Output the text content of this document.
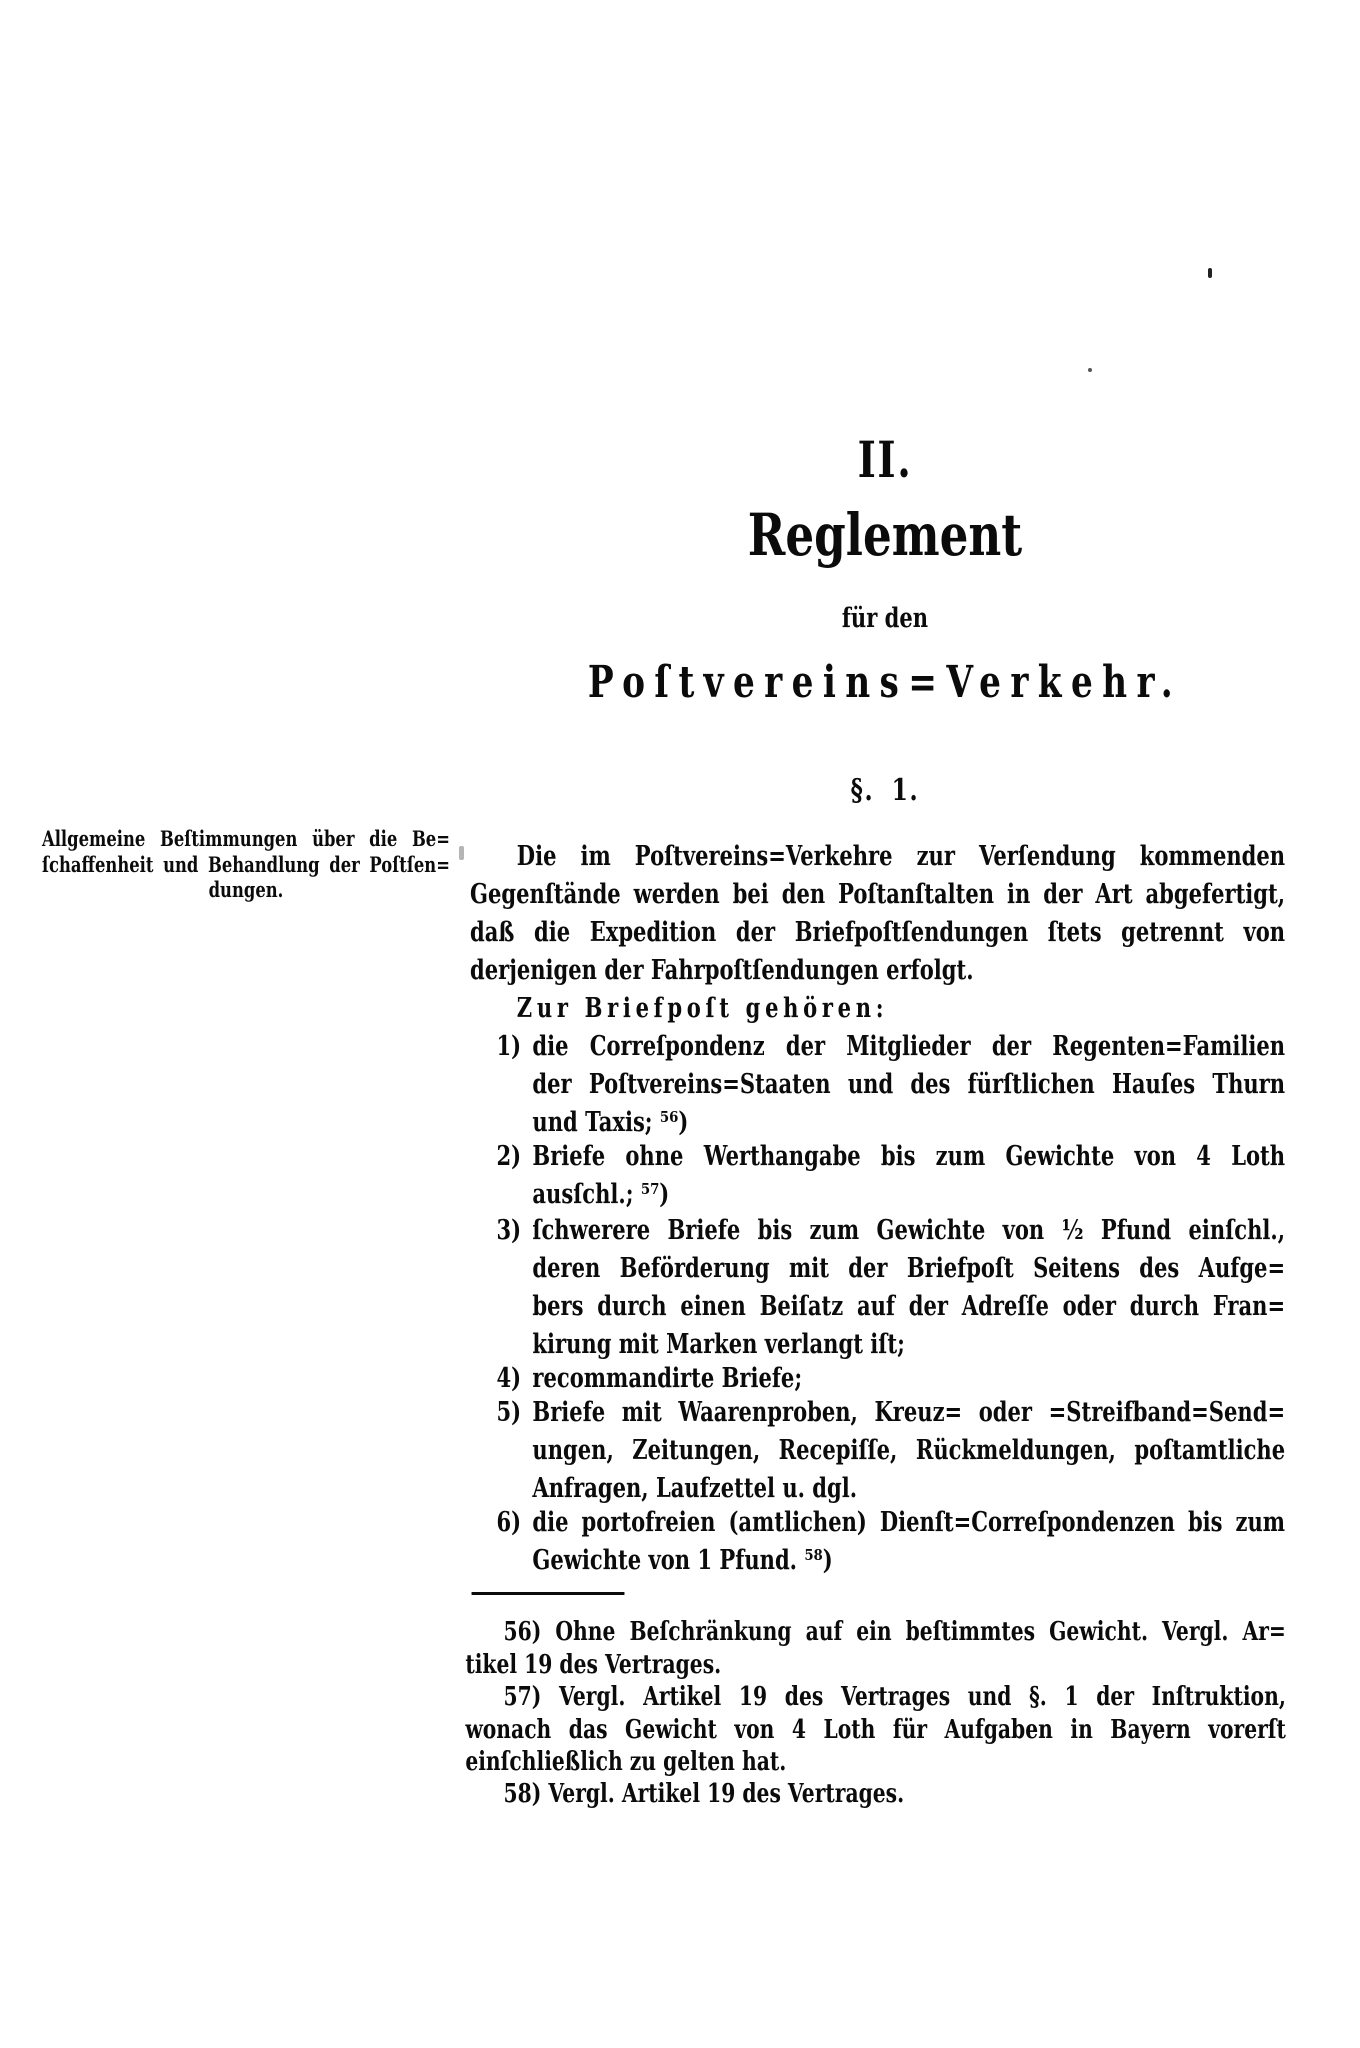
II.
Reglement
für den
Poſtvereins=Verkehr.
§. 1.
Allgemeine Beſtimmungen über die Be=
ſchaffenheit und Behandlung der Poſtſen=
dungen.
Die im Poſtvereins=Verkehre zur Verſendung kommenden
Gegenſtände werden bei den Poſtanſtalten in der Art abgefertigt,
daß die Expedition der Briefpoſtſendungen ſtets getrennt von
derjenigen der Fahrpoſtſendungen erfolgt.
Zur Briefpoſt gehören:
1) die Correſpondenz der Mitglieder der Regenten=Familien
der Poſtvereins=Staaten und des fürſtlichen Hauſes Thurn
und Taxis; ⁵⁶)
2) Briefe ohne Werthangabe bis zum Gewichte von 4 Loth
ausſchl.; ⁵⁷)
3) ſchwerere Briefe bis zum Gewichte von ½ Pfund einſchl.,
deren Beförderung mit der Briefpoſt Seitens des Aufge=
bers durch einen Beiſatz auf der Adreſſe oder durch Fran=
kirung mit Marken verlangt iſt;
4) recommandirte Briefe;
5) Briefe mit Waarenproben, Kreuz= oder =Streifband=Send=
ungen, Zeitungen, Recepiſſe, Rückmeldungen, poſtamtliche
Anfragen, Laufzettel u. dgl.
6) die portofreien (amtlichen) Dienſt=Correſpondenzen bis zum
Gewichte von 1 Pfund. ⁵⁸)
56) Ohne Beſchränkung auf ein beſtimmtes Gewicht. Vergl. Ar=
tikel 19 des Vertrages.
57) Vergl. Artikel 19 des Vertrages und §. 1 der Inſtruktion,
wonach das Gewicht von 4 Loth für Aufgaben in Bayern vorerſt
einſchließlich zu gelten hat.
58) Vergl. Artikel 19 des Vertrages.
